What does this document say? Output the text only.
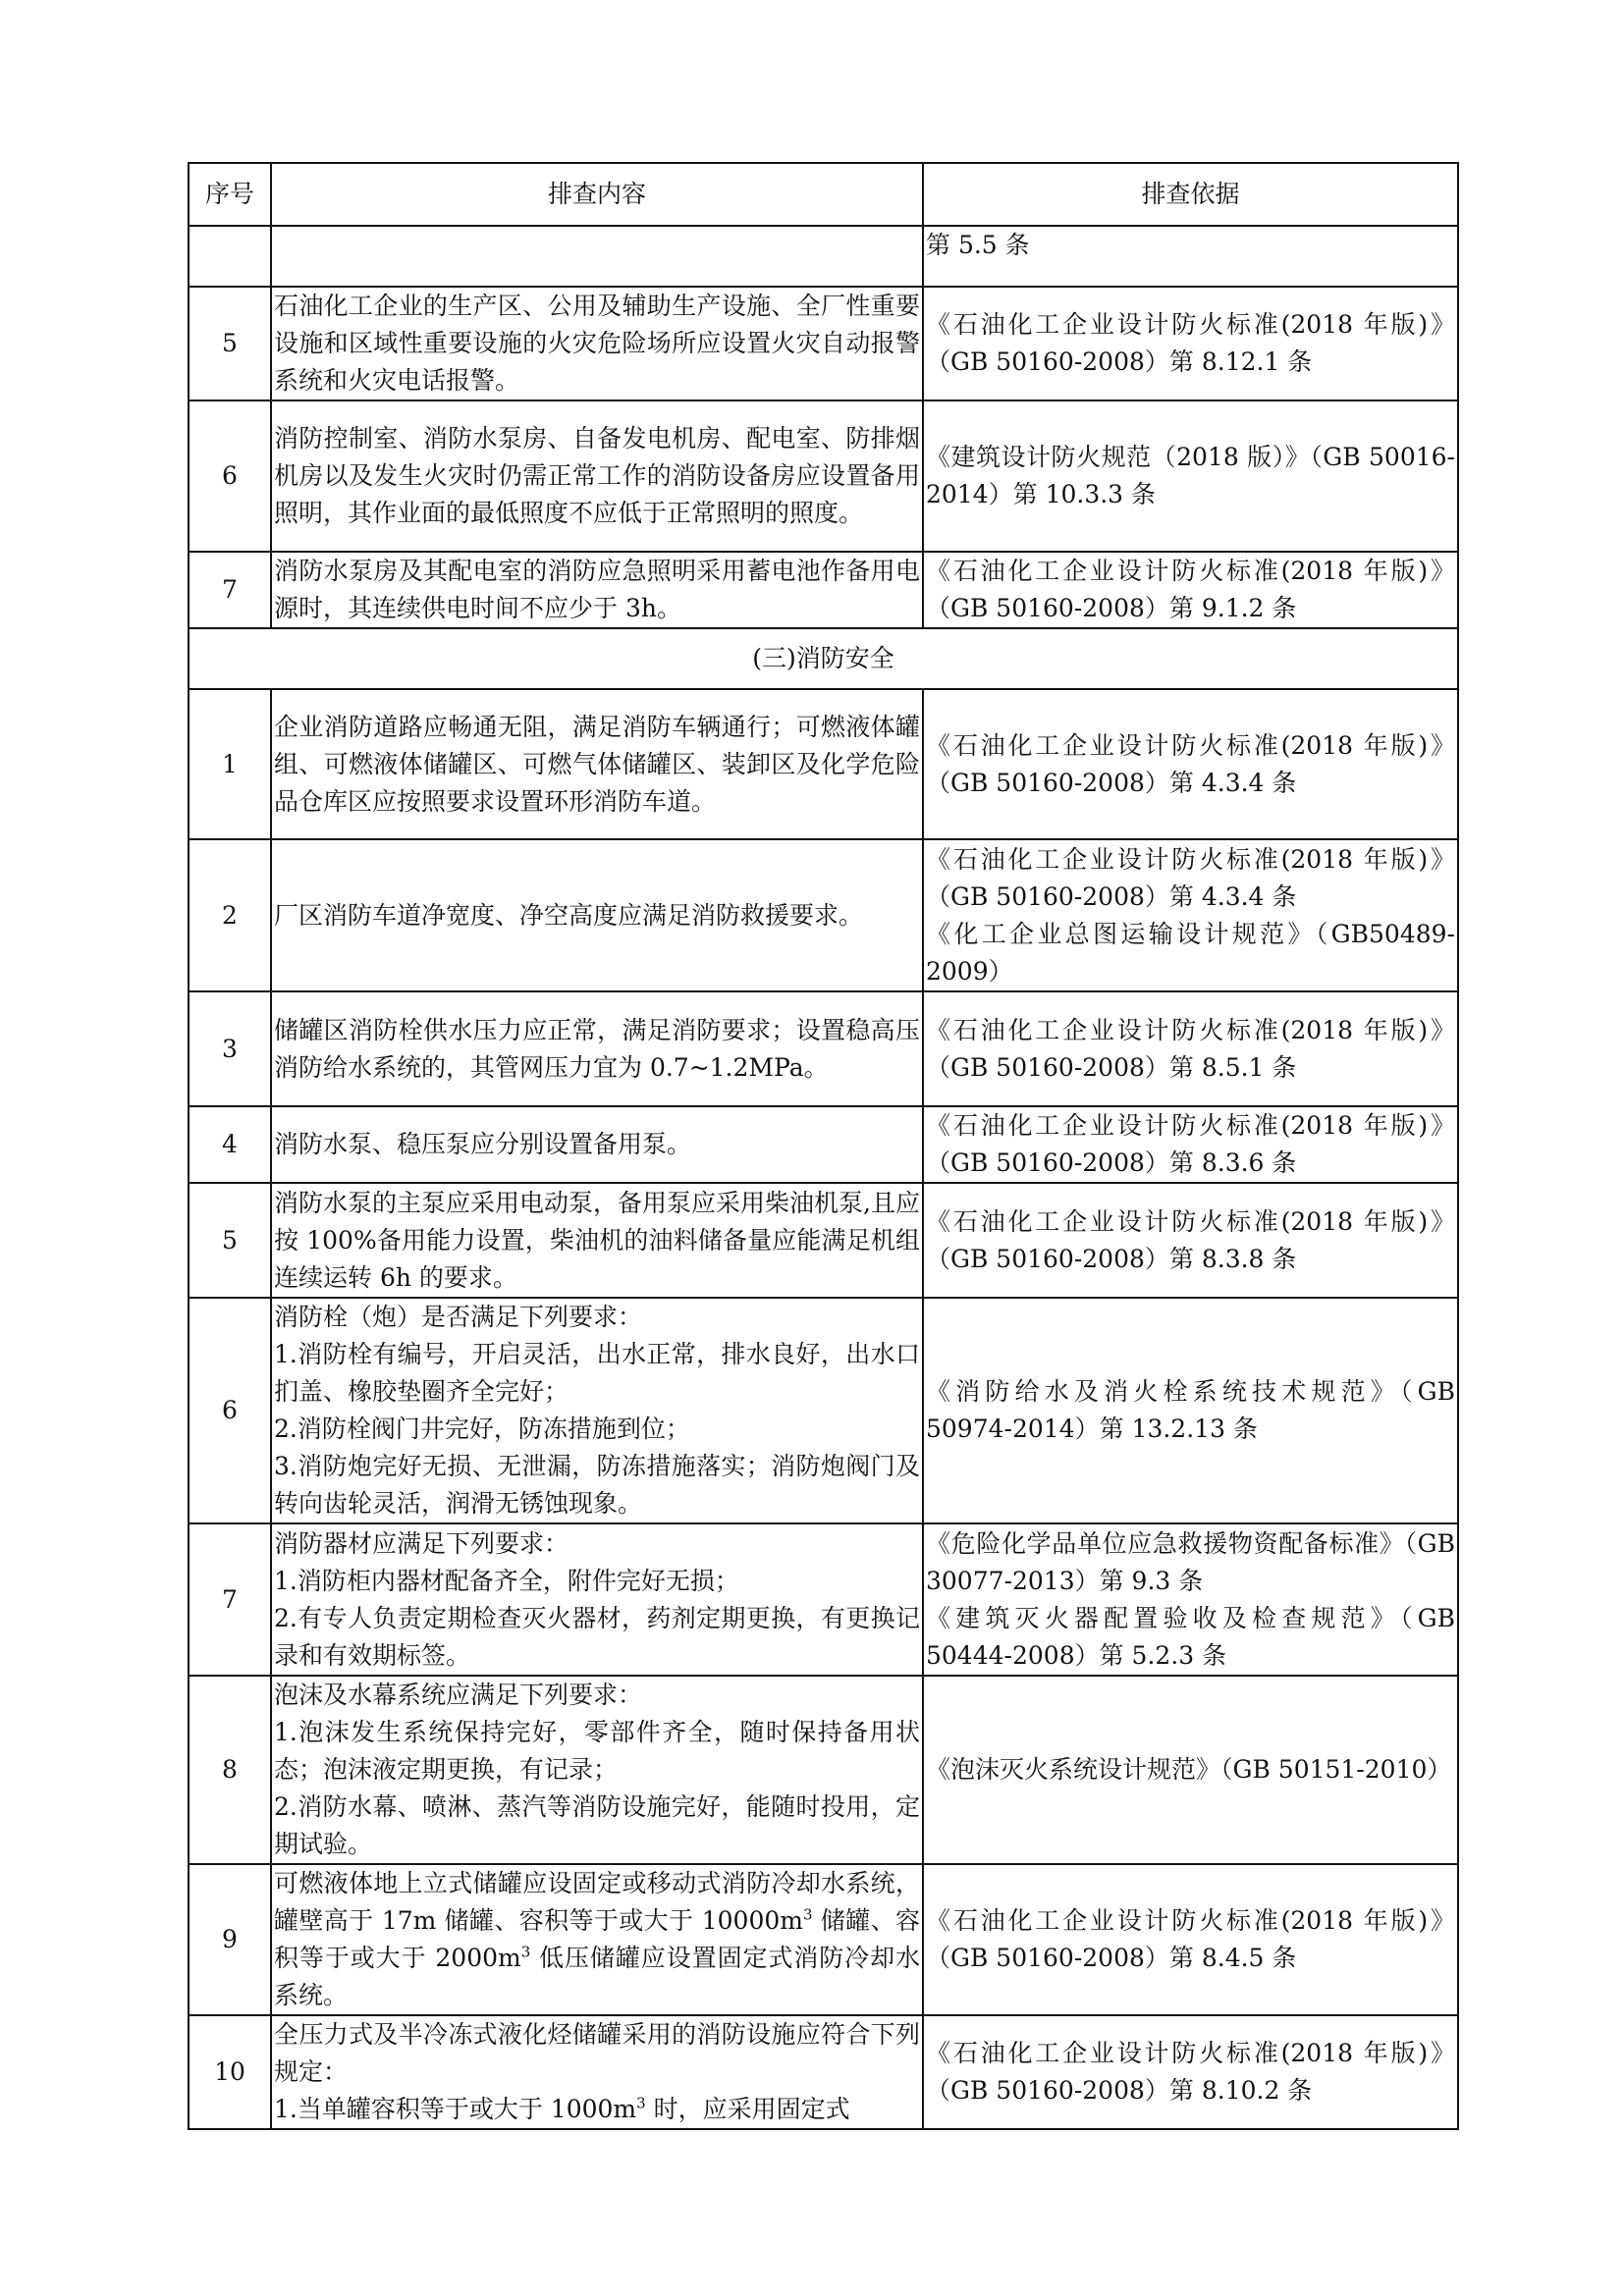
序号	排查内容	排查依据
		第 5.5 条
5	石油化工企业的生产区、公用及辅助生产设施、全厂性重要设施和区域性重要设施的火灾危险场所应设置火灾自动报警系统和火灾电话报警。	《石油化工企业设计防火标准(2018 年版)》（GB 50160-2008）第 8.12.1 条
6	消防控制室、消防水泵房、自备发电机房、配电室、防排烟机房以及发生火灾时仍需正常工作的消防设备房应设置备用照明，其作业面的最低照度不应低于正常照明的照度。	《建筑设计防火规范（2018 版）》（GB 50016-2014）第 10.3.3 条
7	消防水泵房及其配电室的消防应急照明采用蓄电池作备用电源时，其连续供电时间不应少于 3h。	《石油化工企业设计防火标准(2018 年版)》（GB 50160-2008）第 9.1.2 条
(三)消防安全		
1	企业消防道路应畅通无阻，满足消防车辆通行；可燃液体罐组、可燃液体储罐区、可燃气体储罐区、装卸区及化学危险品仓库区应按照要求设置环形消防车道。	《石油化工企业设计防火标准(2018 年版)》（GB 50160-2008）第 4.3.4 条
2	厂区消防车道净宽度、净空高度应满足消防救援要求。	《石油化工企业设计防火标准(2018 年版)》（GB 50160-2008）第 4.3.4 条
《化工企业总图运输设计规范》（GB50489-2009）
3	储罐区消防栓供水压力应正常，满足消防要求；设置稳高压消防给水系统的，其管网压力宜为 0.7~1.2MPa。	《石油化工企业设计防火标准(2018 年版)》（GB 50160-2008）第 8.5.1 条
4	消防水泵、稳压泵应分别设置备用泵。	《石油化工企业设计防火标准(2018 年版)》（GB 50160-2008）第 8.3.6 条
5	消防水泵的主泵应采用电动泵，备用泵应采用柴油机泵,且应按 100%备用能力设置，柴油机的油料储备量应能满足机组连续运转 6h 的要求。	《石油化工企业设计防火标准(2018 年版)》（GB 50160-2008）第 8.3.8 条
6	消防栓（炮）是否满足下列要求：
1.消防栓有编号，开启灵活，出水正常，排水良好，出水口扪盖、橡胶垫圈齐全完好；
2.消防栓阀门井完好，防冻措施到位；
3.消防炮完好无损、无泄漏，防冻措施落实；消防炮阀门及转向齿轮灵活，润滑无锈蚀现象。	《消防给水及消火栓系统技术规范》（GB 50974-2014）第 13.2.13 条
7	消防器材应满足下列要求：
1.消防柜内器材配备齐全，附件完好无损；
2.有专人负责定期检查灭火器材，药剂定期更换，有更换记录和有效期标签。	《危险化学品单位应急救援物资配备标准》（GB 30077-2013）第 9.3 条
《建筑灭火器配置验收及检查规范》（GB 50444-2008）第 5.2.3 条
8	泡沫及水幕系统应满足下列要求：
1.泡沫发生系统保持完好，零部件齐全，随时保持备用状态；泡沫液定期更换，有记录；
2.消防水幕、喷淋、蒸汽等消防设施完好，能随时投用，定期试验。	《泡沫灭火系统设计规范》（GB 50151-2010）
9	可燃液体地上立式储罐应设固定或移动式消防冷却水系统，罐壁高于 17m 储罐、容积等于或大于 $10000m^3$ 储罐、容积等于或大于 $2000m^3$ 低压储罐应设置固定式消防冷却水系统。	《石油化工企业设计防火标准(2018 年版)》（GB 50160-2008）第 8.4.5 条
10	全压力式及半冷冻式液化烃储罐采用的消防设施应符合下列规定：
1.当单罐容积等于或大于 $1000m^3$ 时，应采用固定式	《石油化工企业设计防火标准(2018 年版)》（GB 50160-2008）第 8.10.2 条
